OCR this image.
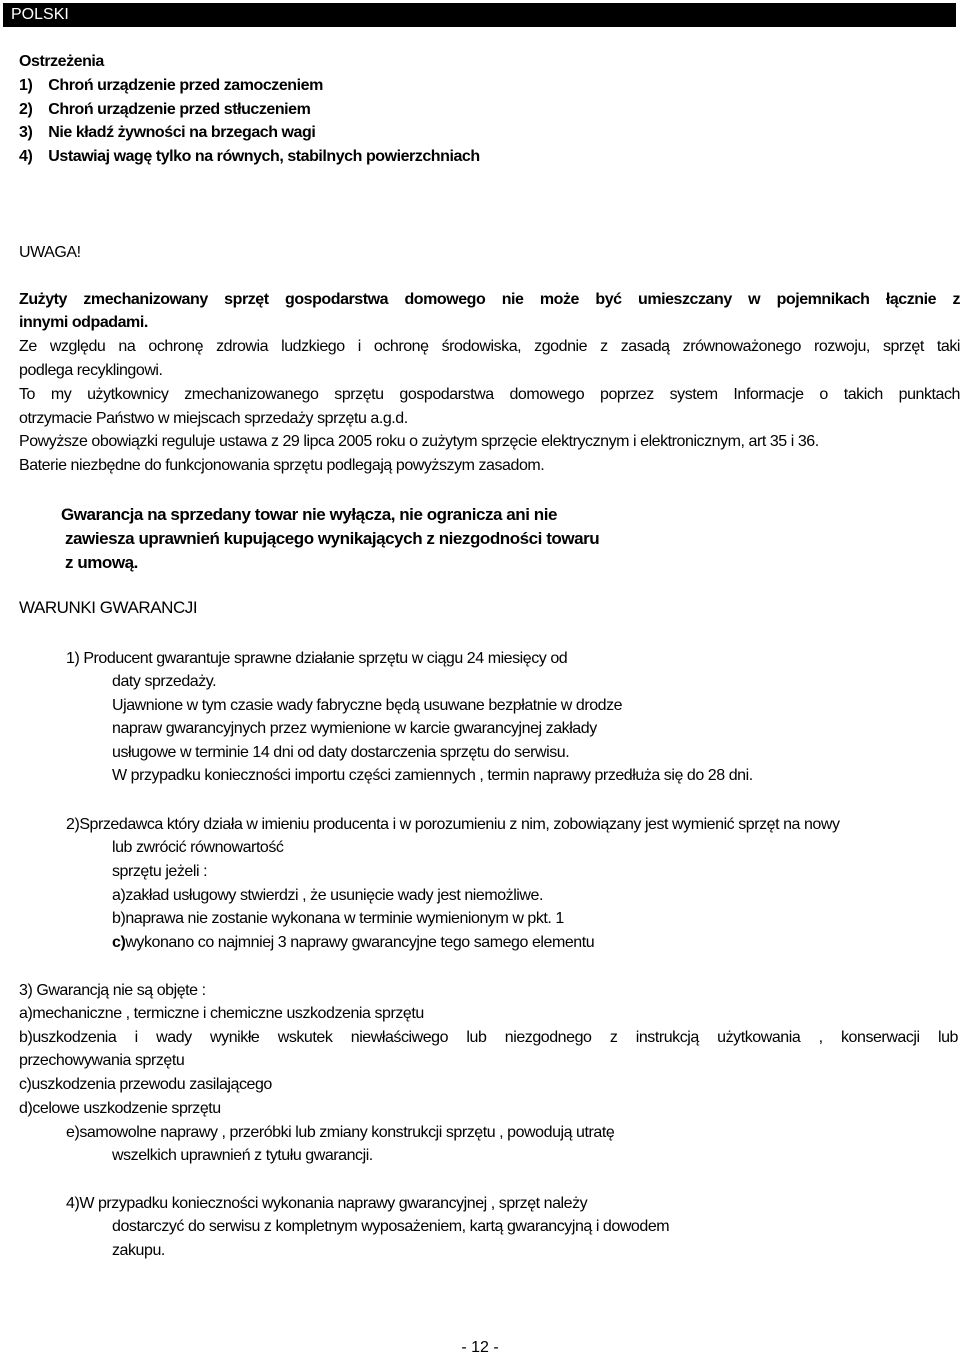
POLSKI
Ostrzeżenia
1)    Chroń urządzenie przed zamoczeniem
2)    Chroń urządzenie przed stłuczeniem
3)    Nie kładź żywności na brzegach wagi
4)    Ustawiaj wagę tylko na równych, stabilnych powierzchniach
UWAGA!
Zużyty zmechanizowany sprzęt gospodarstwa domowego nie może być umieszczany w pojemnikach łącznie z
innymi odpadami.
Ze względu na ochronę zdrowia ludzkiego i ochronę środowiska, zgodnie z zasadą zrównoważonego rozwoju, sprzęt taki
podlega recyklingowi.
To my użytkownicy zmechanizowanego sprzętu gospodarstwa domowego poprzez system Informacje o takich punktach
otrzymacie Państwo w miejscach sprzedaży sprzętu a.g.d.
Powyższe obowiązki reguluje ustawa z 29 lipca 2005 roku o zużytym sprzęcie elektrycznym i elektronicznym, art 35 i 36.
Baterie niezbędne do funkcjonowania sprzętu podlegają powyższym zasadom.
Gwarancja na sprzedany towar nie wyłącza, nie ogranicza ani nie
zawiesza uprawnień kupującego wynikających z niezgodności towaru
z umową.
WARUNKI GWARANCJI
1) Producent gwarantuje sprawne działanie sprzętu w ciągu 24 miesięcy od
daty sprzedaży.
Ujawnione w tym czasie wady fabryczne będą usuwane bezpłatnie w drodze
napraw gwarancyjnych przez wymienione w karcie gwarancyjnej zakłady
usługowe w terminie 14 dni od daty dostarczenia sprzętu do serwisu.
W przypadku konieczności importu części zamiennych , termin naprawy przedłuża się do 28 dni.
2)Sprzedawca który działa w imieniu producenta i w porozumieniu z nim, zobowiązany jest wymienić sprzęt na nowy
lub zwrócić równowartość
sprzętu jeżeli :
a)zakład usługowy stwierdzi , że usunięcie wady jest niemożliwe.
b)naprawa nie zostanie wykonana w terminie wymienionym w pkt. 1
c)wykonano co najmniej 3 naprawy gwarancyjne tego samego elementu
3) Gwarancją nie są objęte :
a)mechaniczne , termiczne i chemiczne uszkodzenia sprzętu
b)uszkodzenia i wady wynikłe wskutek niewłaściwego lub niezgodnego z instrukcją użytkowania , konserwacji lub
przechowywania sprzętu
c)uszkodzenia przewodu zasilającego
d)celowe uszkodzenie sprzętu
e)samowolne naprawy , przeróbki lub zmiany konstrukcji sprzętu , powodują utratę
wszelkich uprawnień z tytułu gwarancji.
4)W przypadku konieczności wykonania naprawy gwarancyjnej , sprzęt należy
dostarczyć do serwisu z kompletnym wyposażeniem, kartą gwarancyjną i dowodem
zakupu.
- 12 -
